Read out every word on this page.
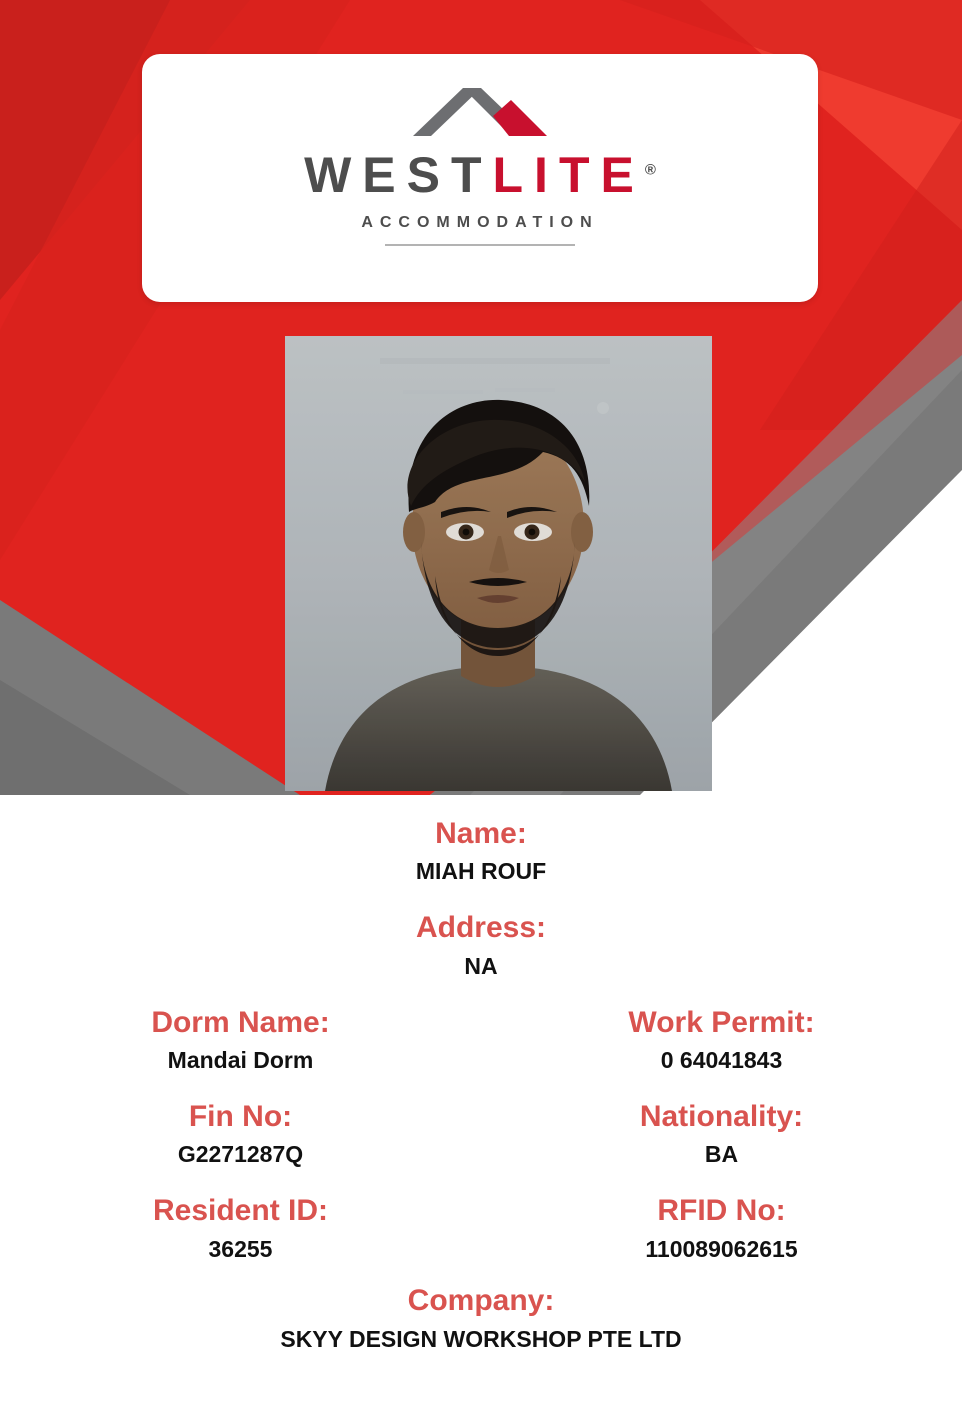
WESTLITE®
ACCOMMODATION
Name:
MIAH ROUF
Address:
NA
Dorm Name:
Mandai Dorm
Work Permit:
0 64041843
Fin No:
G2271287Q
Nationality:
BA
Resident ID:
36255
RFID No:
110089062615
Company:
SKYY DESIGN WORKSHOP PTE LTD
